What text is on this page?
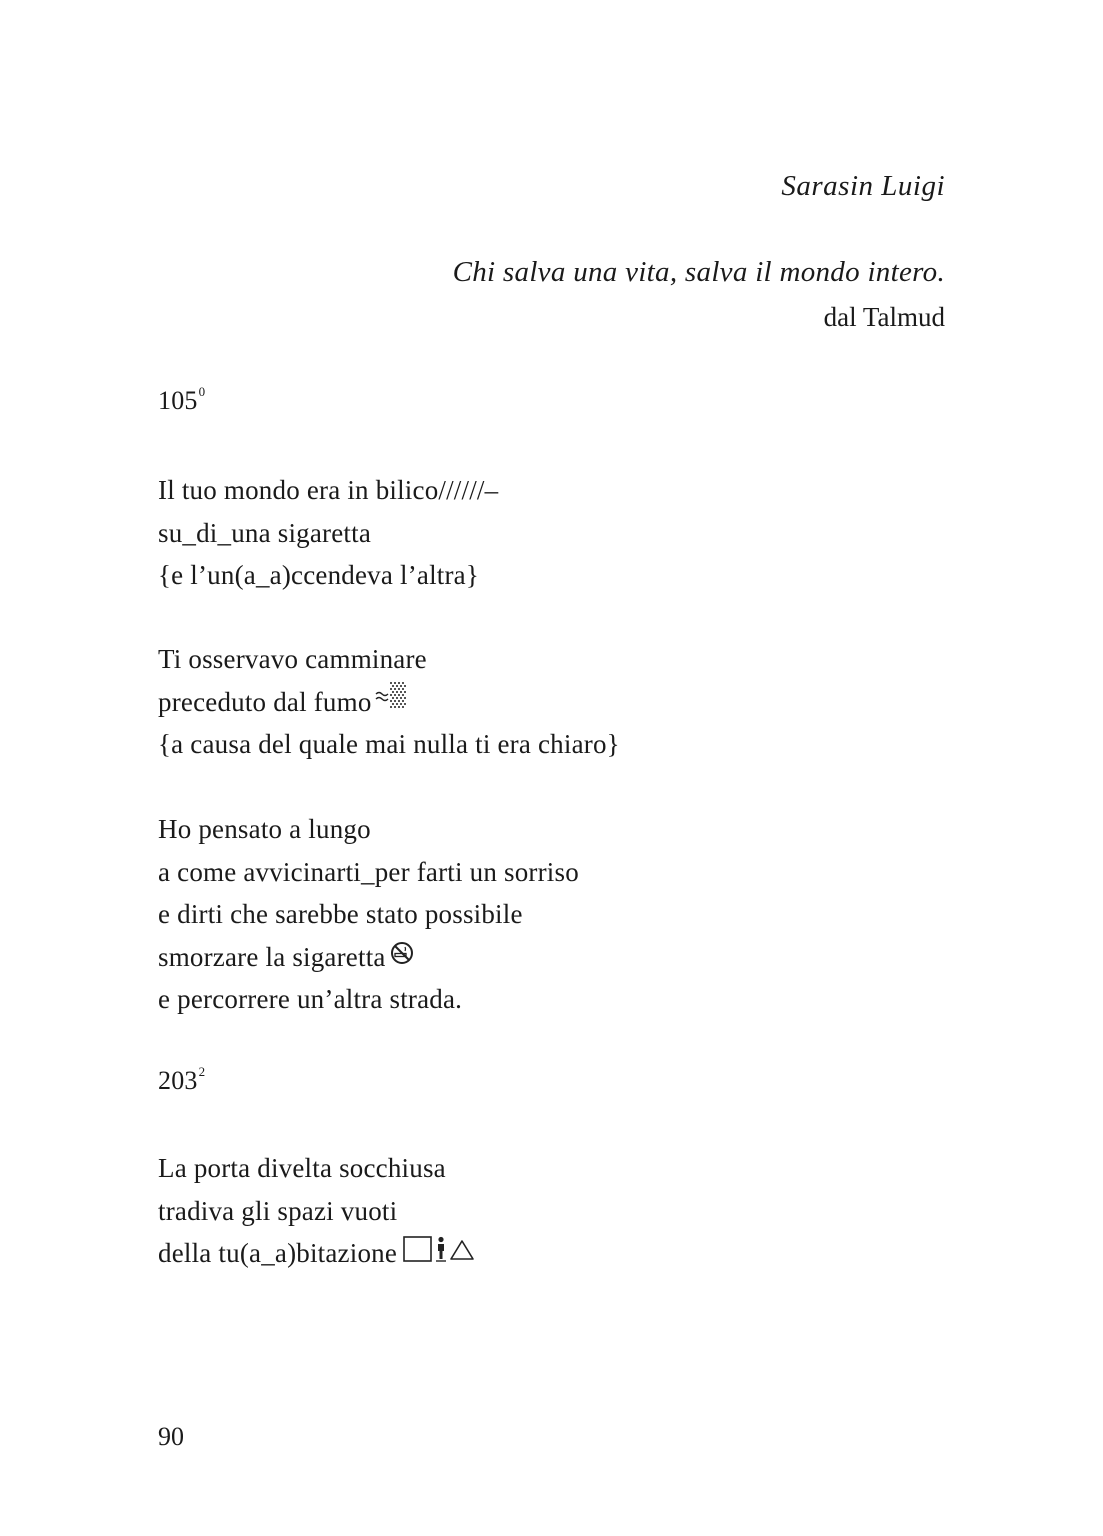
Sarasin Luigi
Chi salva una vita, salva il mondo intero.
dal Talmud
$105^0$
Il tuo mondo era in bilico//////–
su_di_una sigaretta
{e l’un(a_a)ccendeva l’altra}
Ti osservavo camminare
preceduto dal fumo
{a causa del quale mai nulla ti era chiaro}
Ho pensato a lungo
a come avvicinarti_per farti un sorriso
e dirti che sarebbe stato possibile
smorzare la sigaretta
e percorrere un’altra strada.
$203^2$
La porta divelta socchiusa
tradiva gli spazi vuoti
della tu(a_a)bitazione
90
